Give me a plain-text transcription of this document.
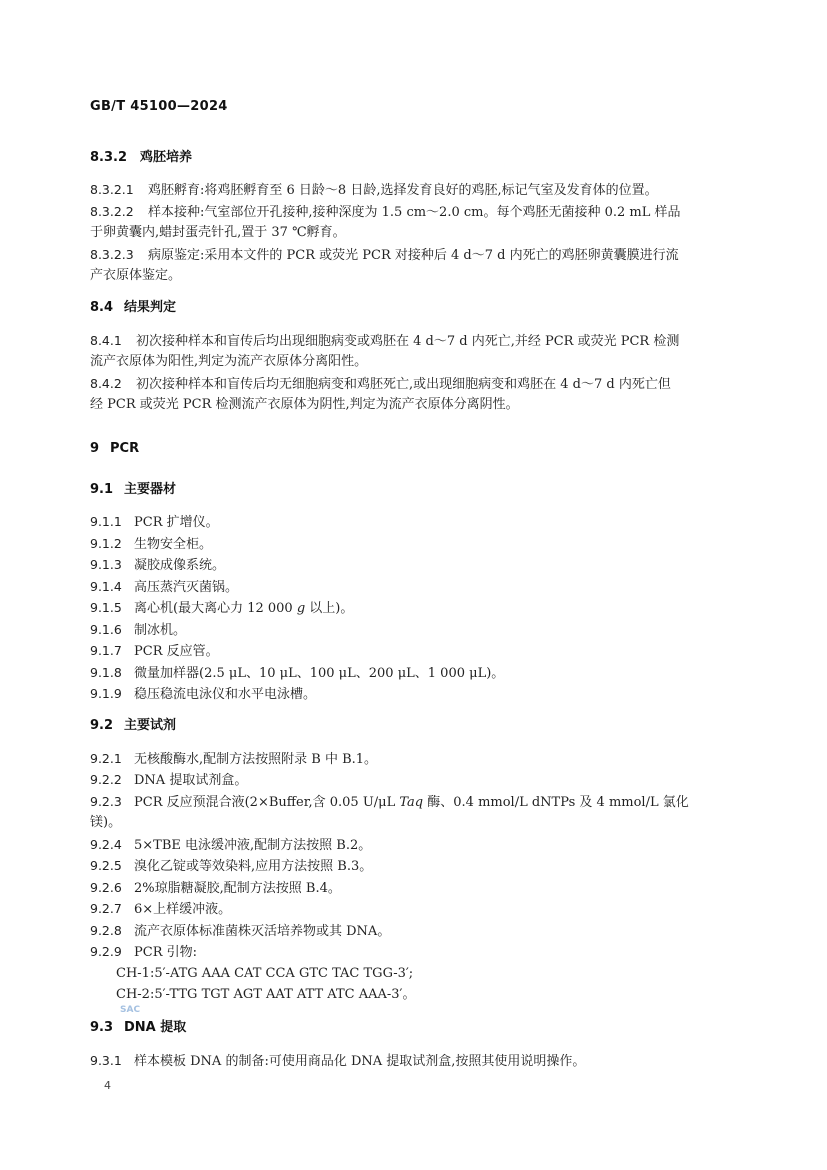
GB/T 45100—2024
8.3.2 鸡胚培养
8.3.2.1 鸡胚孵育:将鸡胚孵育至 6 日龄～8 日龄,选择发育良好的鸡胚,标记气室及发育体的位置。
8.3.2.2 样本接种:气室部位开孔接种,接种深度为 1.5 cm～2.0 cm。每个鸡胚无菌接种 0.2 mL 样品
于卵黄囊内,蜡封蛋壳针孔,置于 37 ℃孵育。
8.3.2.3 病原鉴定:采用本文件的 PCR 或荧光 PCR 对接种后 4 d～7 d 内死亡的鸡胚卵黄囊膜进行流
产衣原体鉴定。
8.4 结果判定
8.4.1 初次接种样本和盲传后均出现细胞病变或鸡胚在 4 d～7 d 内死亡,并经 PCR 或荧光 PCR 检测
流产衣原体为阳性,判定为流产衣原体分离阳性。
8.4.2 初次接种样本和盲传后均无细胞病变和鸡胚死亡,或出现细胞病变和鸡胚在 4 d～7 d 内死亡但
经 PCR 或荧光 PCR 检测流产衣原体为阴性,判定为流产衣原体分离阴性。
9 PCR
9.1 主要器材
9.1.1 PCR 扩增仪。
9.1.2 生物安全柜。
9.1.3 凝胶成像系统。
9.1.4 高压蒸汽灭菌锅。
9.1.5 离心机(最大离心力 12 000 g 以上)。
9.1.6 制冰机。
9.1.7 PCR 反应管。
9.1.8 微量加样器(2.5 μL、10 μL、100 μL、200 μL、1 000 μL)。
9.1.9 稳压稳流电泳仪和水平电泳槽。
9.2 主要试剂
9.2.1 无核酸酶水,配制方法按照附录 B 中 B.1。
9.2.2 DNA 提取试剂盒。
9.2.3 PCR 反应预混合液(2×Buffer,含 0.05 U/μL Taq 酶、0.4 mmol/L dNTPs 及 4 mmol/L 氯化
镁)。
9.2.4 5×TBE 电泳缓冲液,配制方法按照 B.2。
9.2.5 溴化乙锭或等效染料,应用方法按照 B.3。
9.2.6 2%琼脂糖凝胶,配制方法按照 B.4。
9.2.7 6×上样缓冲液。
9.2.8 流产衣原体标准菌株灭活培养物或其 DNA。
9.2.9 PCR 引物:
CH-1:5′-ATG AAA CAT CCA GTC TAC TGG-3′;
CH-2:5′-TTG TGT AGT AAT ATT ATC AAA-3′。
SAC
9.3 DNA 提取
9.3.1 样本模板 DNA 的制备:可使用商品化 DNA 提取试剂盒,按照其使用说明操作。
4
